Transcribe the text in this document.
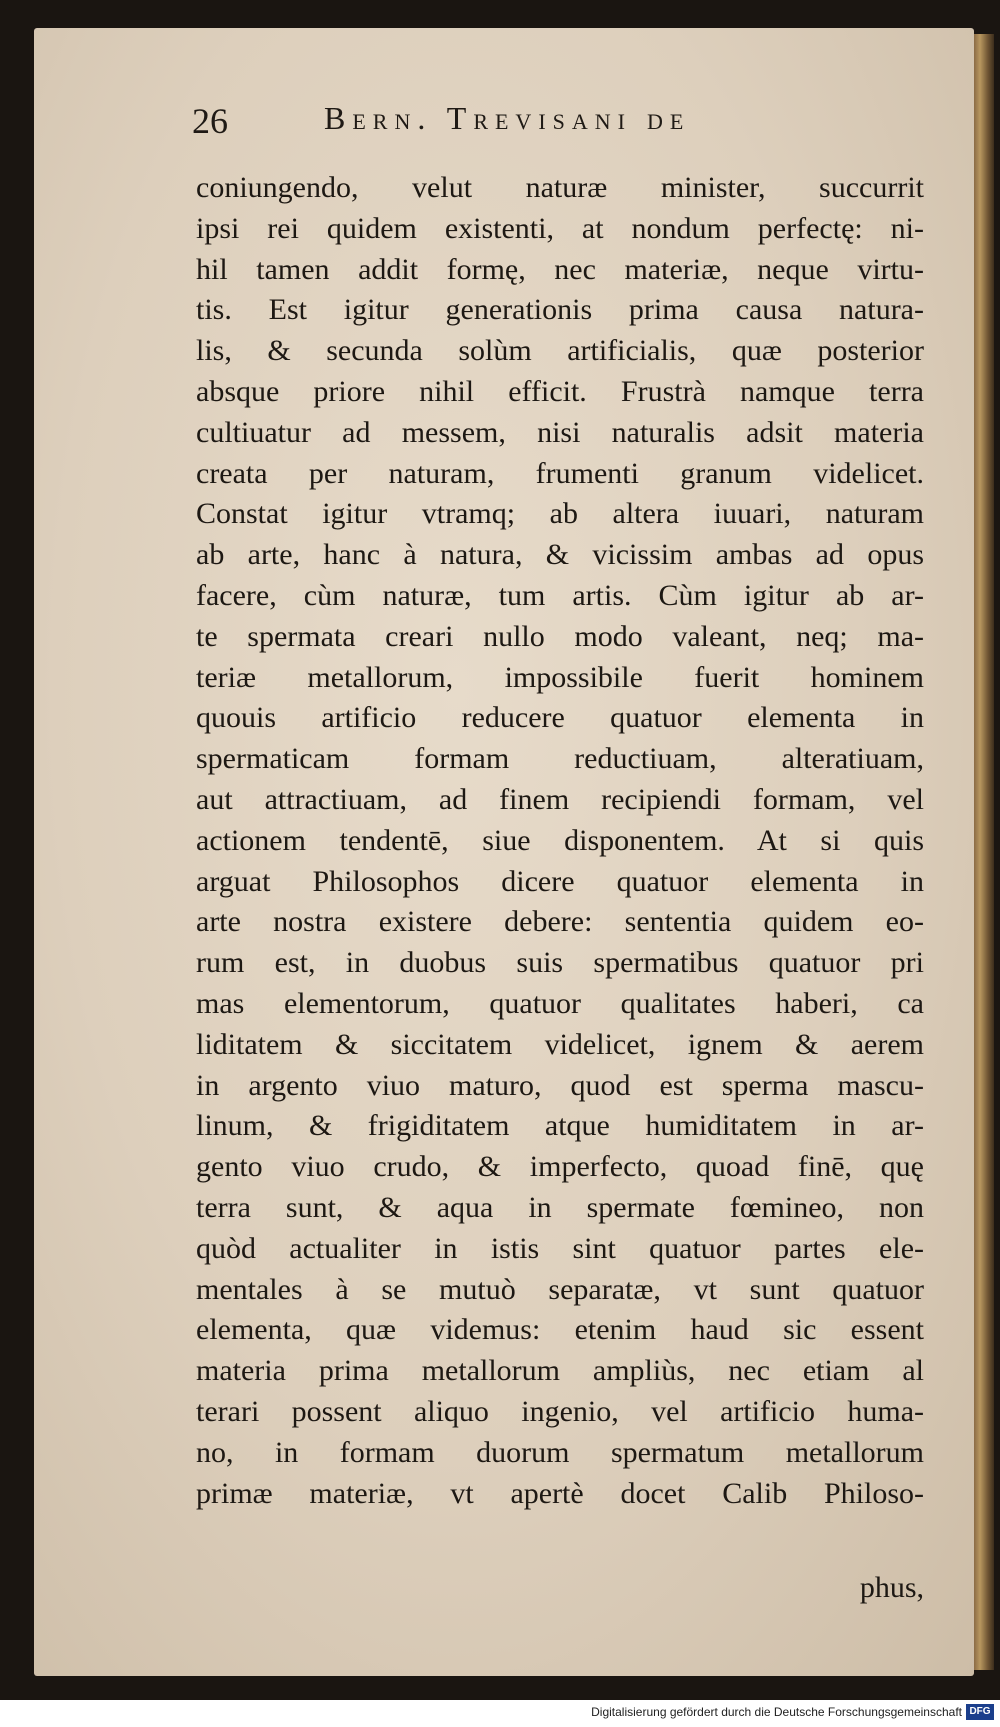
26	Bern. Trevisani de
coniungendo, velut naturæ minister, succurrit
ipsi rei quidem existenti, at nondum perfectę: ni-
hil tamen addit formę, nec materiæ, neque virtu-
tis. Est igitur generationis prima causa natura-
lis, & secunda solùm artificialis, quæ posterior
absque priore nihil efficit. Frustrà namque terra
cultiuatur ad messem, nisi naturalis adsit materia
creata per naturam, frumenti granum videlicet.
Constat igitur vtramq; ab altera iuuari, naturam
ab arte, hanc à natura, & vicissim ambas ad opus
facere, cùm naturæ, tum artis. Cùm igitur ab ar-
te spermata creari nullo modo valeant, neq; ma-
teriæ metallorum, impossibile fuerit hominem
quouis artificio reducere quatuor elementa in
spermaticam formam reductiuam, alteratiuam,
aut attractiuam, ad finem recipiendi formam, vel
actionem tendentē, siue disponentem. At si quis
arguat Philosophos dicere quatuor elementa in
arte nostra existere debere: sententia quidem eo-
rum est, in duobus suis spermatibus quatuor pri
mas elementorum, quatuor qualitates haberi, ca
liditatem & siccitatem videlicet, ignem & aerem
in argento viuo maturo, quod est sperma mascu-
linum, & frigiditatem atque humiditatem in ar-
gento viuo crudo, & imperfecto, quoad finē, quę
terra sunt, & aqua in spermate fœmineo, non
quòd actualiter in istis sint quatuor partes ele-
mentales à se mutuò separatæ, vt sunt quatuor
elementa, quæ videmus: etenim haud sic essent
materia prima metallorum ampliùs, nec etiam al
terari possent aliquo ingenio, vel artificio huma-
no, in formam duorum spermatum metallorum
primæ materiæ, vt apertè docet Calib Philoso-
phus,
Digitalisierung gefördert durch die Deutsche Forschungsgemeinschaft DFG
